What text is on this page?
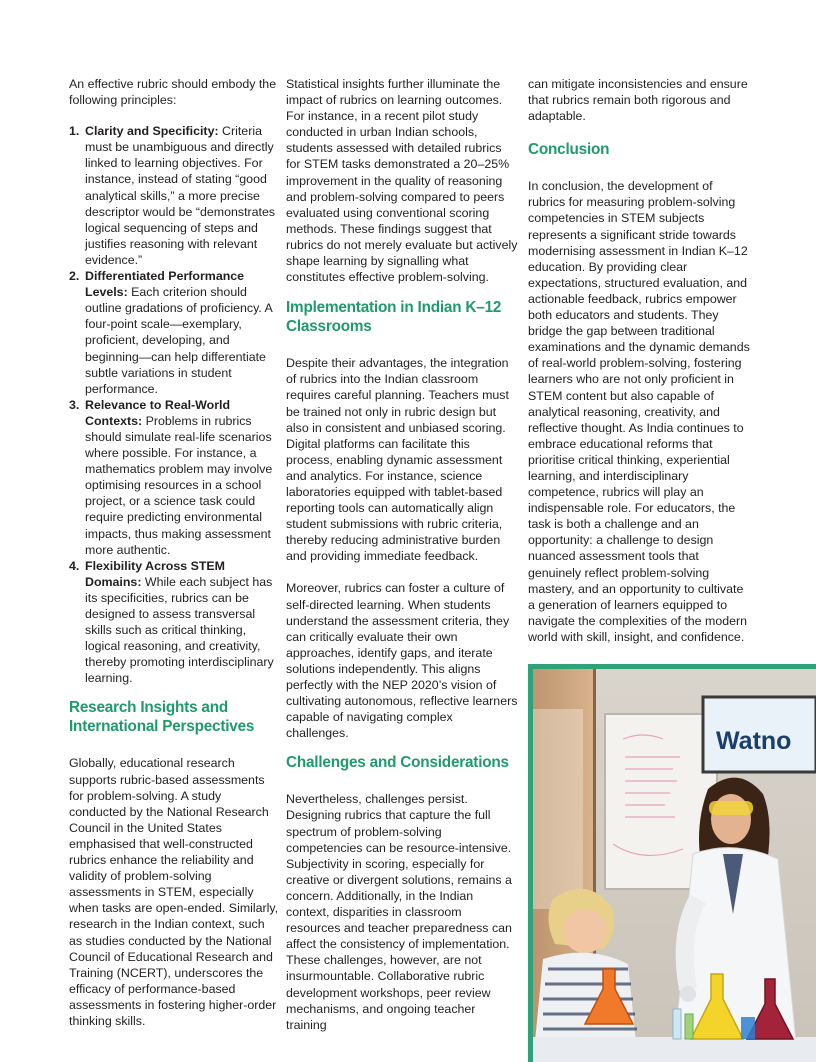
An effective rubric should embody the following principles:

1. Clarity and Specificity: Criteria must be unambiguous and directly linked to learning objectives. For instance, instead of stating “good analytical skills,” a more precise descriptor would be “demonstrates logical sequencing of steps and justifies reasoning with relevant evidence.”
2. Differentiated Performance Levels: Each criterion should outline gradations of proficiency. A four-point scale—exemplary, proficient, developing, and beginning—can help differentiate subtle variations in student performance.
3. Relevance to Real-World Contexts: Problems in rubrics should simulate real-life scenarios where possible. For instance, a mathematics problem may involve optimising resources in a school project, or a science task could require predicting environmental impacts, thus making assessment more authentic.
4. Flexibility Across STEM Domains: While each subject has its specificities, rubrics can be designed to assess transversal skills such as critical thinking, logical reasoning, and creativity, thereby promoting interdisciplinary learning.
Research Insights and International Perspectives

Globally, educational research supports rubric-based assessments for problem-solving. A study conducted by the National Research Council in the United States emphasised that well-constructed rubrics enhance the reliability and validity of problem-solving assessments in STEM, especially when tasks are open-ended. Similarly, research in the Indian context, such as studies conducted by the National Council of Educational Research and Training (NCERT), underscores the efficacy of performance-based assessments in fostering higher-order thinking skills.

Statistical insights further illuminate the impact of rubrics on learning outcomes. For instance, in a recent pilot study conducted in urban Indian schools, students assessed with detailed rubrics for STEM tasks demonstrated a 20–25% improvement in the quality of reasoning and problem-solving compared to peers evaluated using conventional scoring methods. These findings suggest that rubrics do not merely evaluate but actively shape learning by signalling what constitutes effective problem-solving.

Implementation in Indian K–12 Classrooms

Despite their advantages, the integration of rubrics into the Indian classroom requires careful planning. Teachers must be trained not only in rubric design but also in consistent and unbiased scoring. Digital platforms can facilitate this process, enabling dynamic assessment and analytics. For instance, science laboratories equipped with tablet-based reporting tools can automatically align student submissions with rubric criteria, thereby reducing administrative burden and providing immediate feedback.

Moreover, rubrics can foster a culture of self-directed learning. When students understand the assessment criteria, they can critically evaluate their own approaches, identify gaps, and iterate solutions independently. This aligns perfectly with the NEP 2020’s vision of cultivating autonomous, reflective learners capable of navigating complex challenges.

Challenges and Considerations

Nevertheless, challenges persist. Designing rubrics that capture the full spectrum of problem-solving competencies can be resource-intensive. Subjectivity in scoring, especially for creative or divergent solutions, remains a concern. Additionally, in the Indian context, disparities in classroom resources and teacher preparedness can affect the consistency of implementation. These challenges, however, are not insurmountable. Collaborative rubric development workshops, peer review mechanisms, and ongoing teacher training

can mitigate inconsistencies and ensure that rubrics remain both rigorous and adaptable.

Conclusion

In conclusion, the development of rubrics for measuring problem-solving competencies in STEM subjects represents a significant stride towards modernising assessment in Indian K–12 education. By providing clear expectations, structured evaluation, and actionable feedback, rubrics empower both educators and students. They bridge the gap between traditional examinations and the dynamic demands of real-world problem-solving, fostering learners who are not only proficient in STEM content but also capable of analytical reasoning, creativity, and reflective thought. As India continues to embrace educational reforms that prioritise critical thinking, experiential learning, and interdisciplinary competence, rubrics will play an indispensable role. For educators, the task is both a challenge and an opportunity: a challenge to design nuanced assessment tools that genuinely reflect problem-solving mastery, and an opportunity to cultivate a generation of learners equipped to navigate the complexities of the modern world with skill, insight, and confidence.

Watno
